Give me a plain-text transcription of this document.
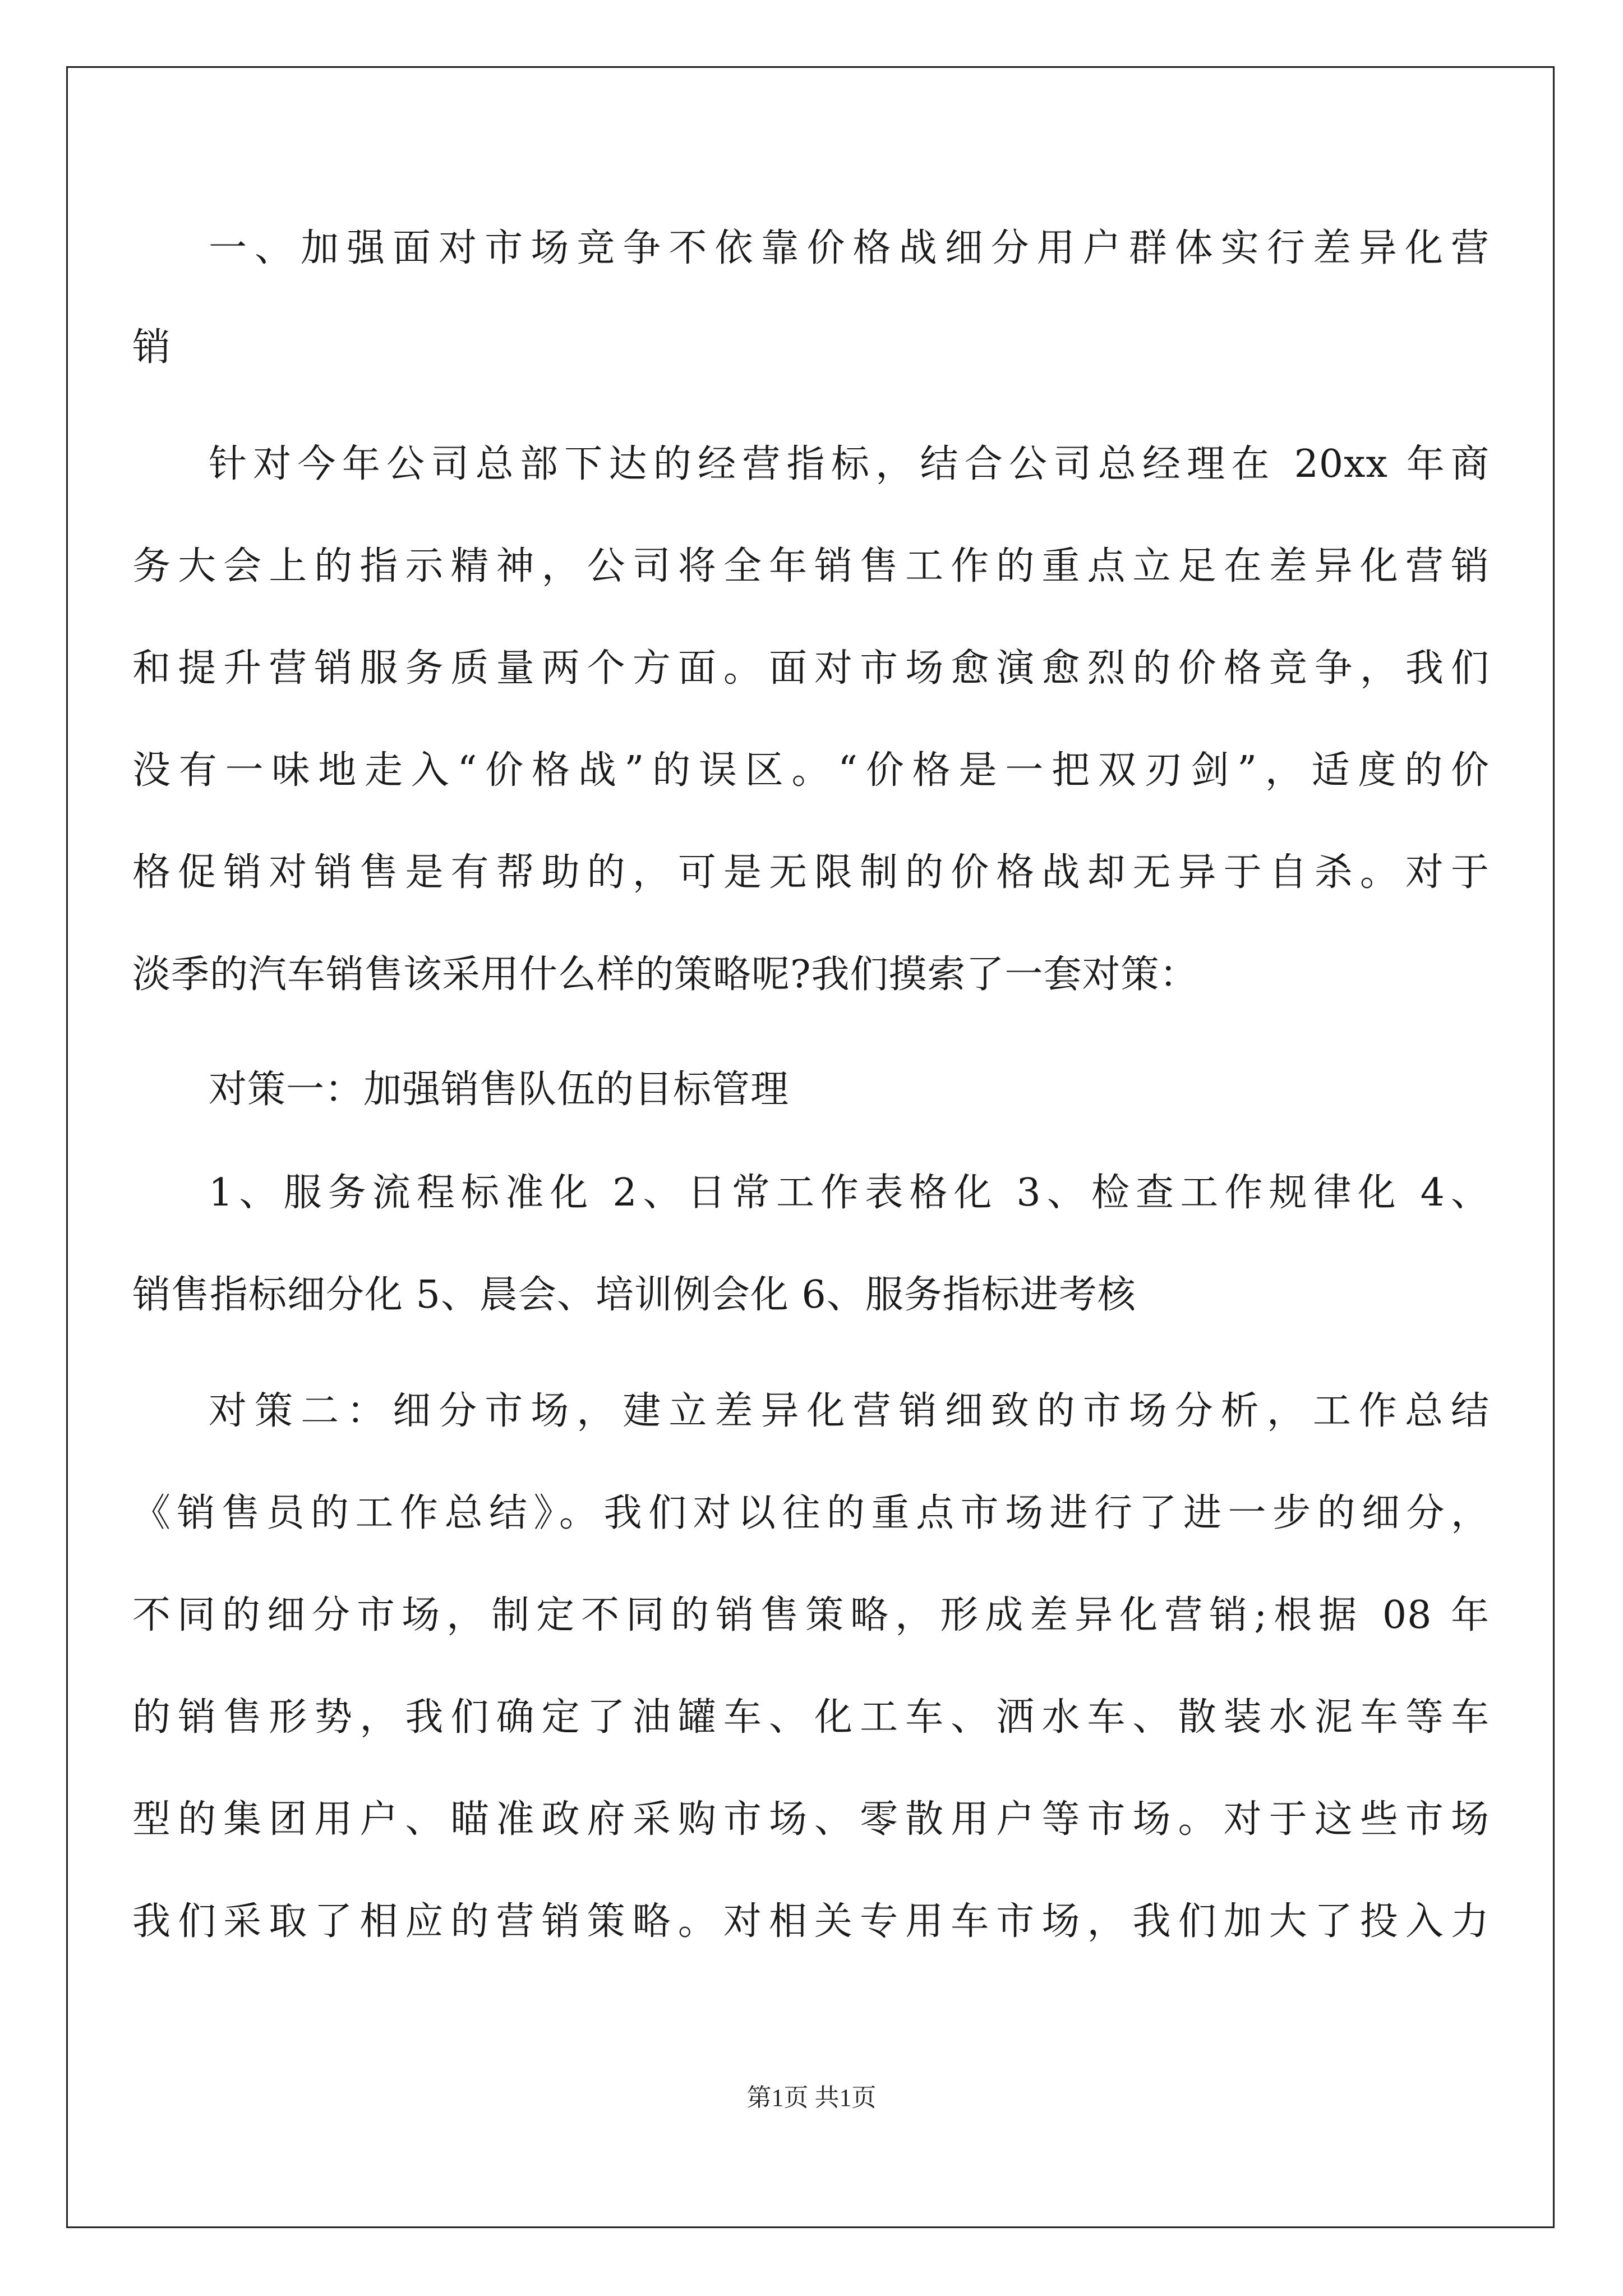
一、加强面对市场竞争不依靠价格战细分用户群体实行差异化营
销
针对今年公司总部下达的经营指标，结合公司总经理在 20xx 年商
务大会上的指示精神，公司将全年销售工作的重点立足在差异化营销
和提升营销服务质量两个方面。面对市场愈演愈烈的价格竞争，我们
没有一味地走入“价格战”的误区。“价格是一把双刃剑”，适度的价
格促销对销售是有帮助的，可是无限制的价格战却无异于自杀。对于
淡季的汽车销售该采用什么样的策略呢?我们摸索了一套对策：
对策一：加强销售队伍的目标管理
1、服务流程标准化 2、日常工作表格化 3、检查工作规律化 4、
销售指标细分化 5、晨会、培训例会化 6、服务指标进考核
对策二：细分市场，建立差异化营销细致的市场分析，工作总结
《销售员的工作总结》。我们对以往的重点市场进行了进一步的细分，
不同的细分市场，制定不同的销售策略，形成差异化营销;根据 08 年
的销售形势，我们确定了油罐车、化工车、洒水车、散装水泥车等车
型的集团用户、瞄准政府采购市场、零散用户等市场。对于这些市场
我们采取了相应的营销策略。对相关专用车市场，我们加大了投入力
第1页 共1页
